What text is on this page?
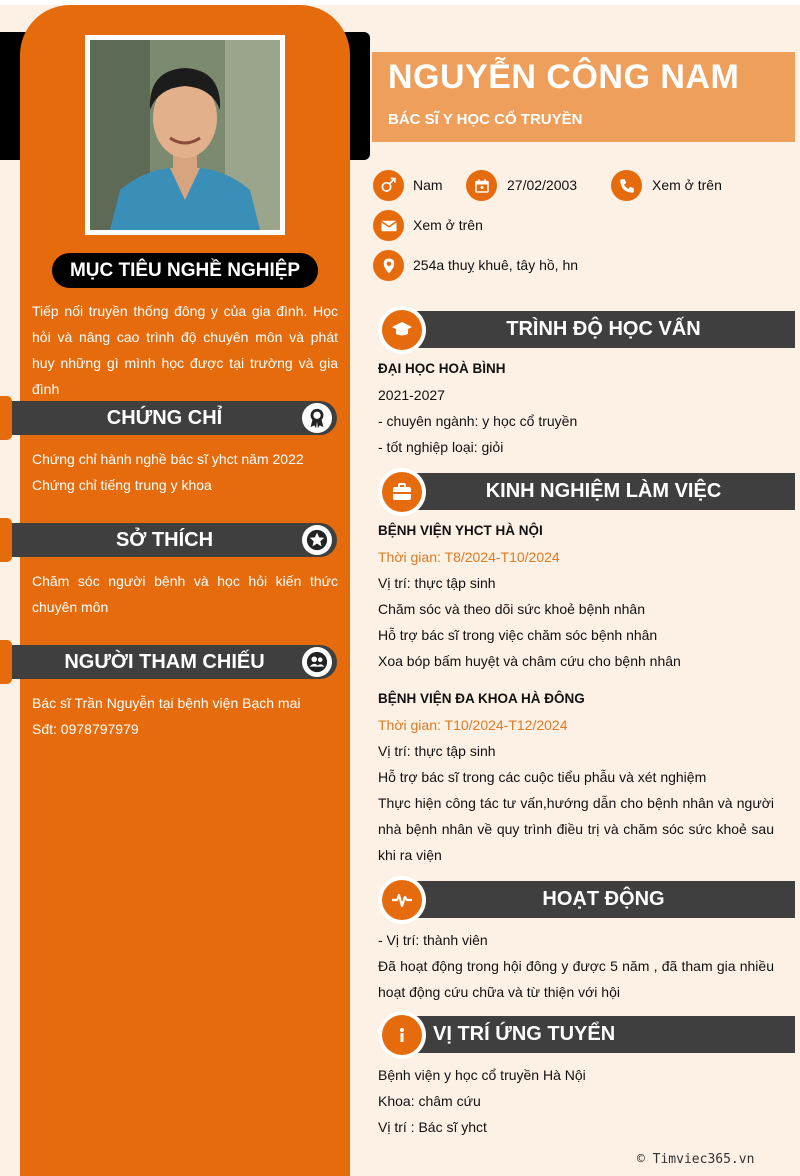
MỤC TIÊU NGHỀ NGHIỆP
Tiếp nối truyền thống đông y của gia đình. Học hỏi và nâng cao trình độ chuyên môn và phát huy những gì mình học được tại trường và gia đình
CHỨNG CHỈ
Chứng chỉ hành nghề bác sĩ yhct năm 2022
Chứng chỉ tiếng trung y khoa
SỞ THÍCH
Chăm sóc người bệnh và học hỏi kiến thức chuyên môn
NGƯỜI THAM CHIẾU
Bác sĩ Trần Nguyễn tại bệnh viện Bạch mai
Sđt: 0978797979
NGUYỄN CÔNG NAM
BÁC SĨ Y HỌC CỔ TRUYỀN
Nam	27/02/2003	Xem ở trên
Xem ở trên
254a thuỵ khuê, tây hồ, hn
TRÌNH ĐỘ HỌC VẤN
ĐẠI HỌC HOÀ BÌNH
2021-2027
- chuyên ngành: y học cổ truyền
- tốt nghiệp loại: giỏi
KINH NGHIỆM LÀM VIỆC
BỆNH VIỆN YHCT HÀ NỘI
Thời gian: T8/2024-T10/2024
Vị trí: thực tập sinh
Chăm sóc và theo dõi sức khoẻ bệnh nhân
Hỗ trợ bác sĩ trong việc chăm sóc bệnh nhân
Xoa bóp bấm huyệt và châm cứu cho bệnh nhân
BỆNH VIỆN ĐA KHOA HÀ ĐÔNG
Thời gian: T10/2024-T12/2024
Vị trí: thực tập sinh
Hỗ trợ bác sĩ trong các cuộc tiểu phẫu và xét nghiệm
Thực hiện công tác tư vấn,hướng dẫn cho bệnh nhân và người nhà bệnh nhân về quy trình điều trị và chăm sóc sức khoẻ sau khi ra viện
HOẠT ĐỘNG
- Vị trí: thành viên
Đã hoạt động trong hội đông y được 5 năm , đã tham gia nhiều hoạt động cứu chữa và từ thiện với hội
VỊ TRÍ ỨNG TUYỂN
Bệnh viện y học cổ truyền Hà Nội
Khoa: châm cứu
Vị trí : Bác sĩ yhct
© Timviec365.vn
